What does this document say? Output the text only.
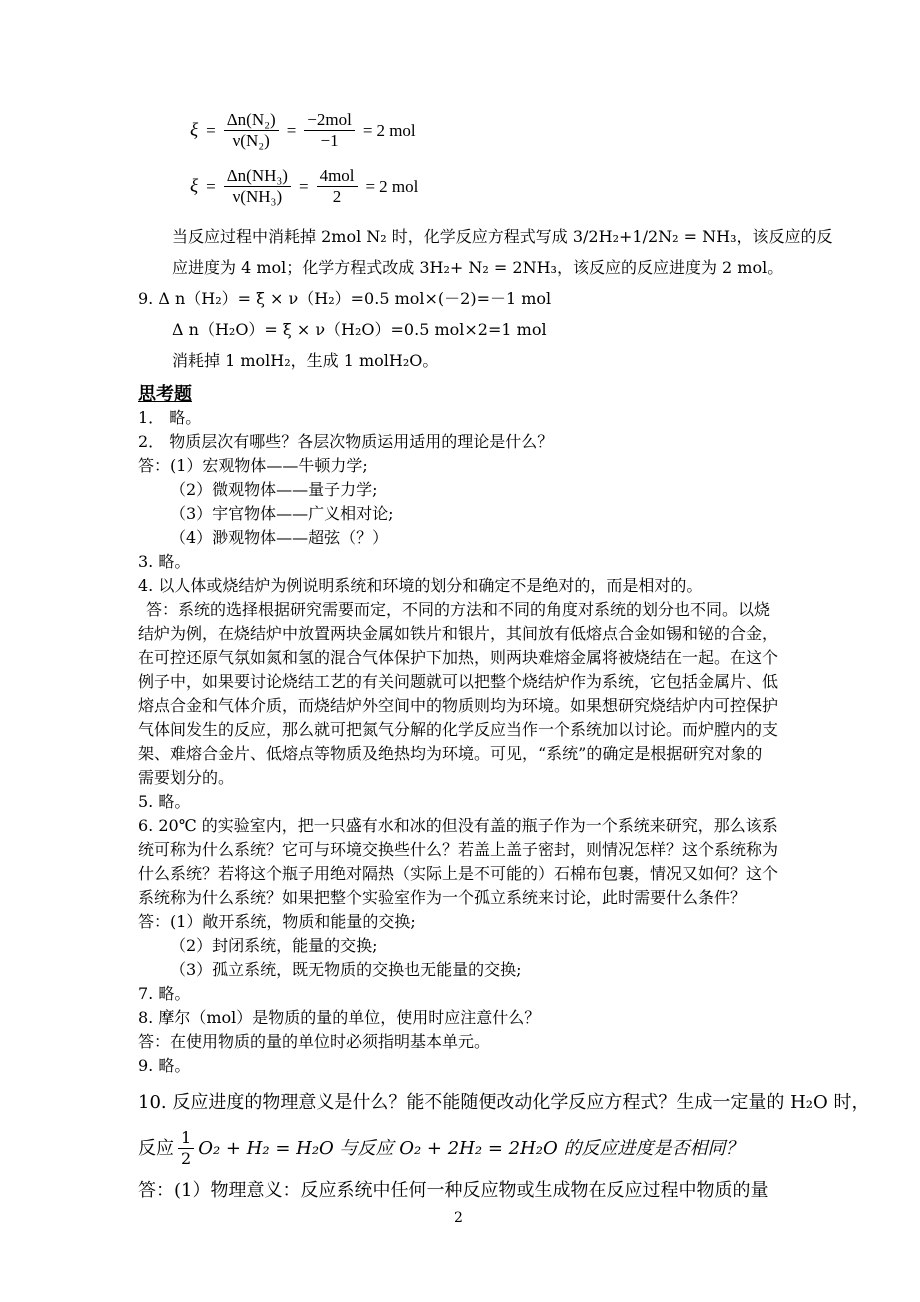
$\xi = \frac{\text{Δn(N₂)}}{\text{ν(N₂)}} = \frac{\text{−2mol}}{-1} = 2$ mol
$\xi = \frac{\text{Δn(NH₃)}}{\text{ν(NH₃)}} = \frac{\text{4mol}}{2} = 2$ mol
当反应过程中消耗掉 2mol N₂ 时，化学反应方程式写成 3/2H₂+1/2N₂ = NH₃，该反应的反
应进度为 4 mol；化学方程式改成 3H₂+ N₂ = 2NH₃，该反应的反应进度为 2 mol。
9. Δ n（H₂）= ξ × ν（H₂）=0.5 mol×(－2)=－1 mol
Δ n（H₂O）= ξ × ν（H₂O）=0.5 mol×2=1 mol
消耗掉 1 molH₂，生成 1 molH₂O。
思考题
1． 略。
2． 物质层次有哪些？各层次物质运用适用的理论是什么？
答：(1）宏观物体——牛顿力学;
（2）微观物体——量子力学;
（3）宇官物体——广义相对论;
（4）渺观物体——超弦（？）
3. 略。
4. 以人体或烧结炉为例说明系统和环境的划分和确定不是绝对的，而是相对的。
答：系统的选择根据研究需要而定，不同的方法和不同的角度对系统的划分也不同。以烧
结炉为例，在烧结炉中放置两块金属如铁片和银片，其间放有低熔点合金如锡和铋的合金，
在可控还原气氛如氮和氢的混合气体保护下加热，则两块难熔金属将被烧结在一起。在这个
例子中，如果要讨论烧结工艺的有关问题就可以把整个烧结炉作为系统，它包括金属片、低
熔点合金和气体介质，而烧结炉外空间中的物质则均为环境。如果想研究烧结炉内可控保护
气体间发生的反应，那么就可把氮气分解的化学反应当作一个系统加以讨论。而炉膛内的支
架、难熔合金片、低熔点等物质及绝热均为环境。可见，“系统”的确定是根据研究对象的
需要划分的。
5. 略。
6. 20℃ 的实验室内，把一只盛有水和冰的但没有盖的瓶子作为一个系统来研究，那么该系
统可称为什么系统？它可与环境交换些什么？若盖上盖子密封，则情况怎样？这个系统称为
什么系统？若将这个瓶子用绝对隔热（实际上是不可能的）石棉布包裹，情况又如何？这个
系统称为什么系统？如果把整个实验室作为一个孤立系统来讨论，此时需要什么条件？
答：(1）敞开系统，物质和能量的交换;
（2）封闭系统，能量的交换;
（3）孤立系统，既无物质的交换也无能量的交换;
7. 略。
8. 摩尔（mol）是物质的量的单位，使用时应注意什么？
答：在使用物质的量的单位时必须指明基本单元。
9. 略。
10. 反应进度的物理意义是什么？能不能随便改动化学反应方程式？生成一定量的 H₂O 时，
反应 $\frac{1}{2} O_2 + H_2 = H_2O$ 与反应 O₂ + 2H₂ = 2H₂O 的反应进度是否相同？
答：(1）物理意义：反应系统中任何一种反应物或生成物在反应过程中物质的量
2
